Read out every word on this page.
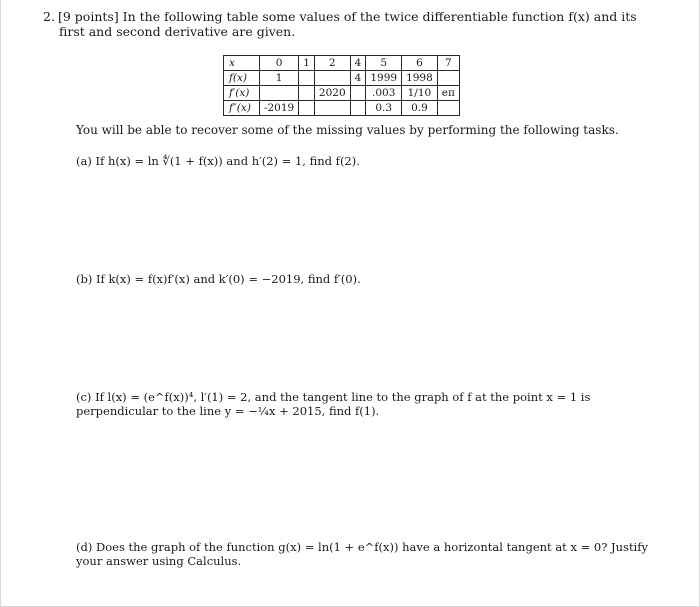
2. [9 points] In the following table some values of the twice differentiable function f(x) and its first and second derivative are given.
x	0	1	2	4	5	6	7
f(x)	1			4	1999	1998	
f′(x)			2020		.003	1/10	eπ
f″(x)	-2019				0.3	0.9	
You will be able to recover some of the missing values by performing the following tasks.
(a) If h(x) = ln ∜(1 + f(x)) and h′(2) = 1, find f(2).
(b) If k(x) = f(x)f′(x) and k′(0) = −2019, find f′(0).
(c) If l(x) = (e^f(x))⁴, l′(1) = 2, and the tangent line to the graph of f at the point x = 1 is perpendicular to the line y = −¼x + 2015, find f(1).
(d) Does the graph of the function g(x) = ln(1 + e^f(x)) have a horizontal tangent at x = 0? Justify your answer using Calculus.
